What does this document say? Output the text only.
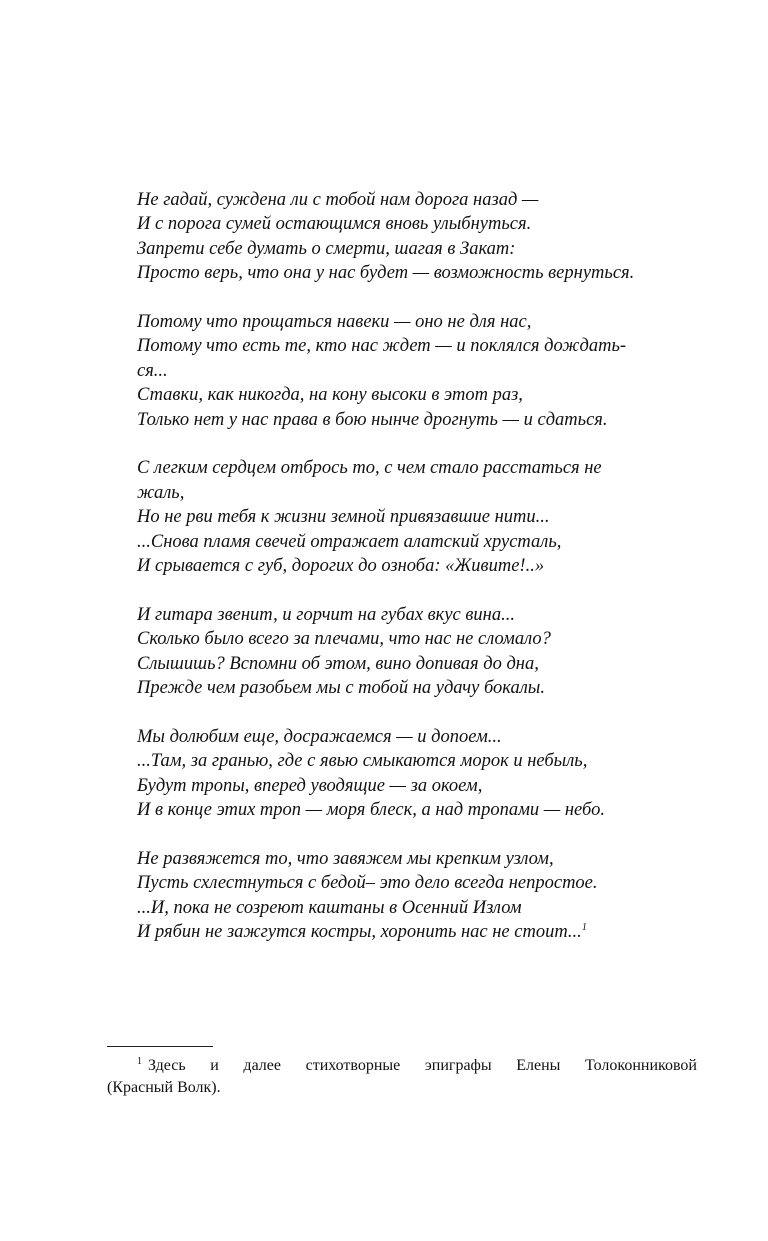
Не гадай, суждена ли с тобой нам дорога назад —
И с порога сумей остающимся вновь улыбнуться.
Запрети себе думать о смерти, шагая в Закат:
Просто верь, что она у нас будет — возможность вернуться.
Потому что прощаться навеки — оно не для нас,
Потому что есть те, кто нас ждет — и поклялся дождать-
ся...
Ставки, как никогда, на кону высоки в этот раз,
Только нет у нас права в бою нынче дрогнуть — и сдаться.
С легким сердцем отбрось то, с чем стало расстаться не
жаль,
Но не рви тебя к жизни земной привязавшие нити...
...Снова пламя свечей отражает алатский хрусталь,
И срывается с губ, дорогих до озноба: «Живите!..»
И гитара звенит, и горчит на губах вкус вина...
Сколько было всего за плечами, что нас не сломало?
Слышишь? Вспомни об этом, вино допивая до дна,
Прежде чем разобьем мы с тобой на удачу бокалы.
Мы долюбим еще, досражаемся — и допоем...
...Там, за гранью, где с явью смыкаются морок и небыль,
Будут тропы, вперед уводящие — за окоем,
И в конце этих троп — моря блеск, а над тропами — небо.
Не развяжется то, что завяжем мы крепким узлом,
Пусть схлестнуться с бедой– это дело всегда непростое.
...И, пока не созреют каштаны в Осенний Излом
И рябин не зажгутся костры, хоронить нас не стоит...$^1$
1 Здесь и далее стихотворные эпиграфы Елены Толоконниковой
(Красный Волк).
